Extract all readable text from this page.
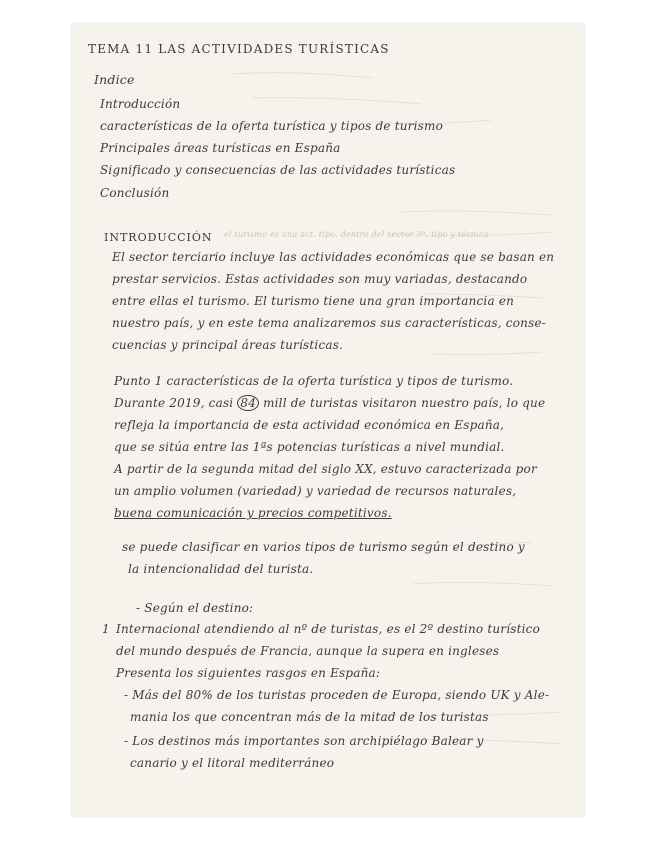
TEMA 11 LAS ACTIVIDADES TURÍSTICAS
Indice
Introducción
características de la oferta turística y tipos de turismo
Principales áreas turísticas en España
Significado y consecuencias de las actividades turísticas
Conclusión
INTRODUCCIÓN el turismo es una act. tipo. dentro del sector 3º, tipo y técnica
El sector terciario incluye las actividades económicas que se basan en
prestar servicios. Estas actividades son muy variadas, destacando
entre ellas el turismo. El turismo tiene una gran importancia en
nuestro país, y en este tema analizaremos sus características, conse-
cuencias y principal áreas turísticas.
Punto 1 características de la oferta turística y tipos de turismo.
Durante 2019, casi 84 mill de turistas visitaron nuestro país, lo que
refleja la importancia de esta actividad económica en España,
que se sitúa entre las 1ªs potencias turísticas a nivel mundial.
A partir de la segunda mitad del siglo XX, estuvo caracterizada por
un amplio volumen (variedad) y variedad de recursos naturales,
buena comunicación y precios competitivos.
se puede clasificar en varios tipos de turismo según el destino y
la intencionalidad del turista.
- Según el destino:
1 Internacional atendiendo al nº de turistas, es el 2º destino turístico
del mundo después de Francia, aunque la supera en ingleses
Presenta los siguientes rasgos en España:
- Más del 80% de los turistas proceden de Europa, siendo UK y Ale-
mania los que concentran más de la mitad de los turistas
- Los destinos más importantes son archipiélago Balear y
canario y el litoral mediterráneo
